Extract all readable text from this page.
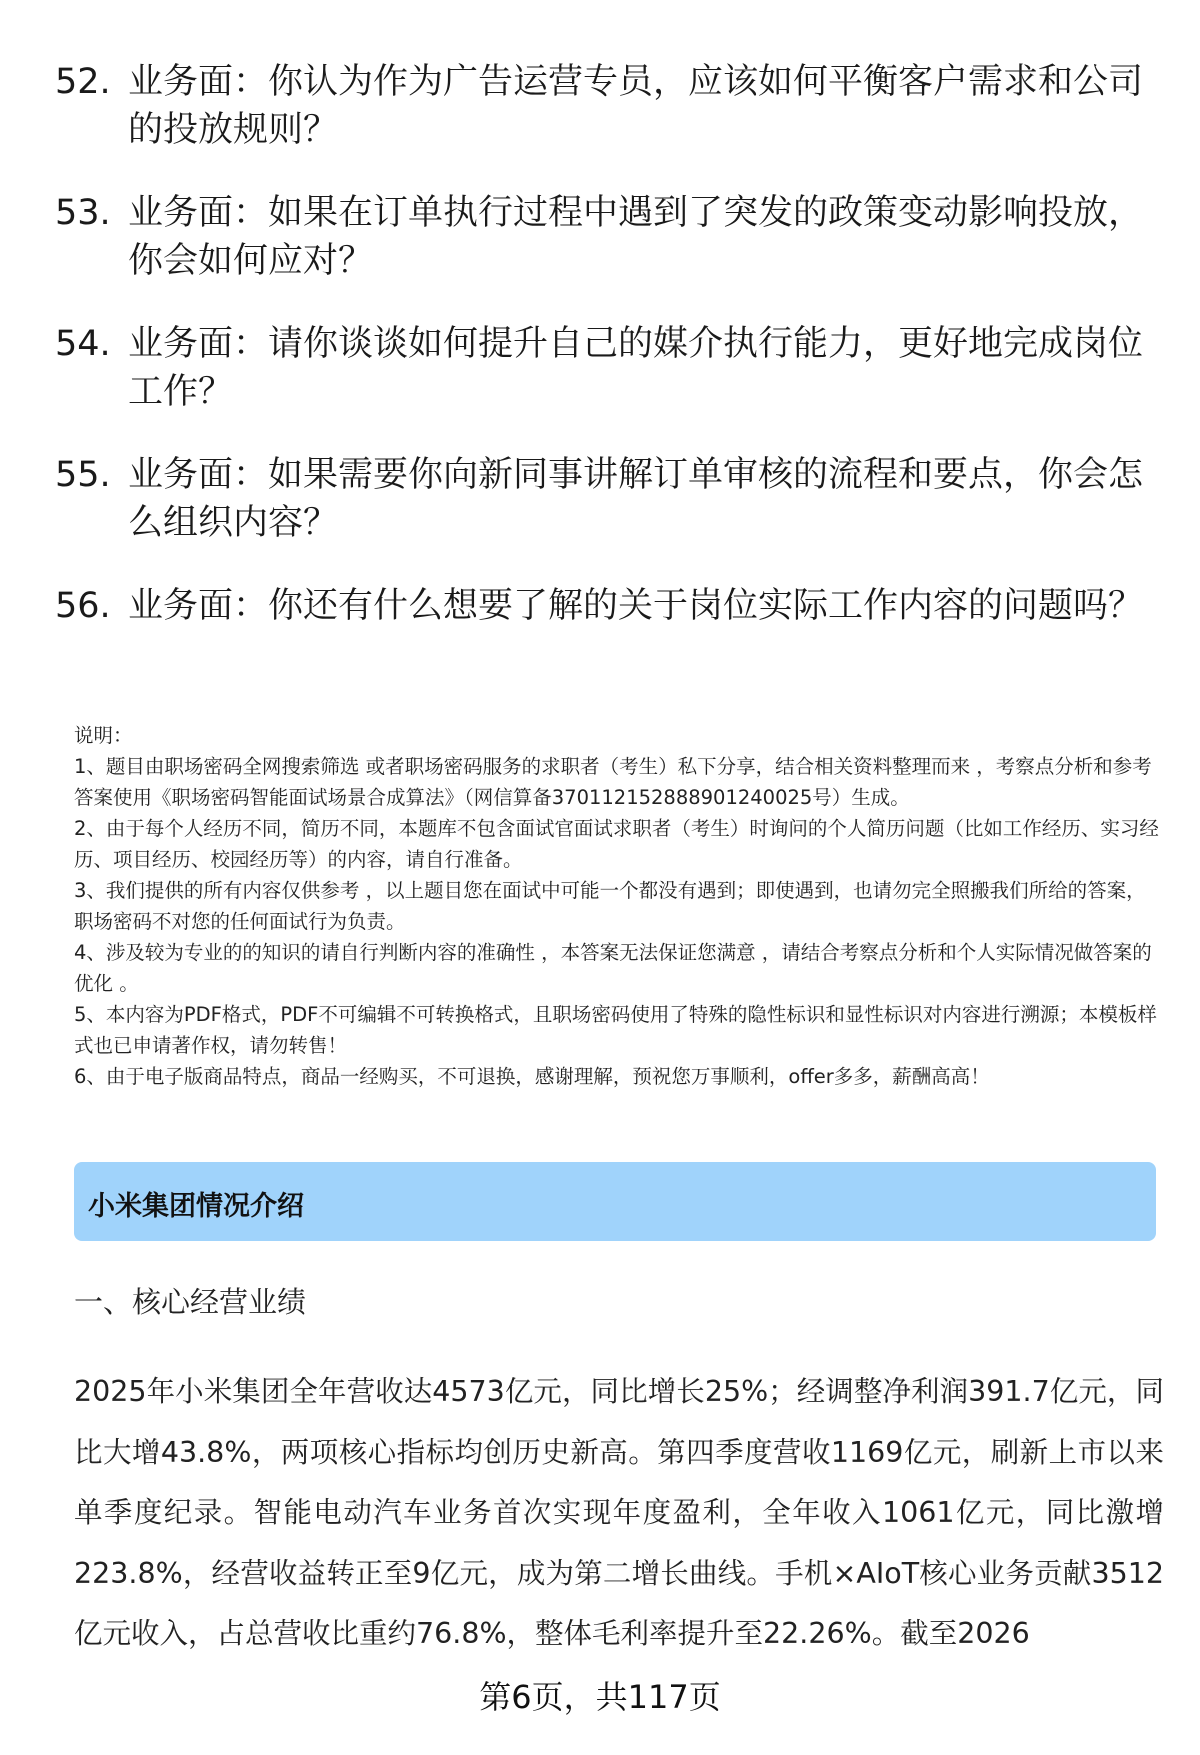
52. 业务面：你认为作为广告运营专员，应该如何平衡客户需求和公司的投放规则？
53. 业务面：如果在订单执行过程中遇到了突发的政策变动影响投放，你会如何应对？
54. 业务面：请你谈谈如何提升自己的媒介执行能力，更好地完成岗位工作？
55. 业务面：如果需要你向新同事讲解订单审核的流程和要点，你会怎么组织内容？
56. 业务面：你还有什么想要了解的关于岗位实际工作内容的问题吗？
说明：
1、题目由职场密码全网搜索筛选 或者职场密码服务的求职者（考生）私下分享，结合相关资料整理而来 ，考察点分析和参考答案使用《职场密码智能面试场景合成算法》（网信算备370112152888901240025号）生成。
2、由于每个人经历不同，简历不同，本题库不包含面试官面试求职者（考生）时询问的个人简历问题（比如工作经历、实习经历、项目经历、校园经历等）的内容，请自行准备。
3、我们提供的所有内容仅供参考 ，以上题目您在面试中可能一个都没有遇到；即使遇到，也请勿完全照搬我们所给的答案，职场密码不对您的任何面试行为负责。
4、涉及较为专业的的知识的请自行判断内容的准确性 ，本答案无法保证您满意 ，请结合考察点分析和个人实际情况做答案的优化 。
5、本内容为PDF格式，PDF不可编辑不可转换格式，且职场密码使用了特殊的隐性标识和显性标识对内容进行溯源；本模板样式也已申请著作权，请勿转售！
6、由于电子版商品特点，商品一经购买，不可退换，感谢理解，预祝您万事顺利，offer多多，薪酬高高！
小米集团情况介绍
一、核心经营业绩
2025年小米集团全年营收达4573亿元，同比增长25%；经调整净利润391.7亿元，同比大增43.8%，两项核心指标均创历史新高。第四季度营收1169亿元，刷新上市以来单季度纪录。智能电动汽车业务首次实现年度盈利，全年收入1061亿元，同比激增223.8%，经营收益转正至9亿元，成为第二增长曲线。手机×AIoT核心业务贡献3512亿元收入，占总营收比重约76.8%，整体毛利率提升至22.26%。截至2026
第6页，共117页
